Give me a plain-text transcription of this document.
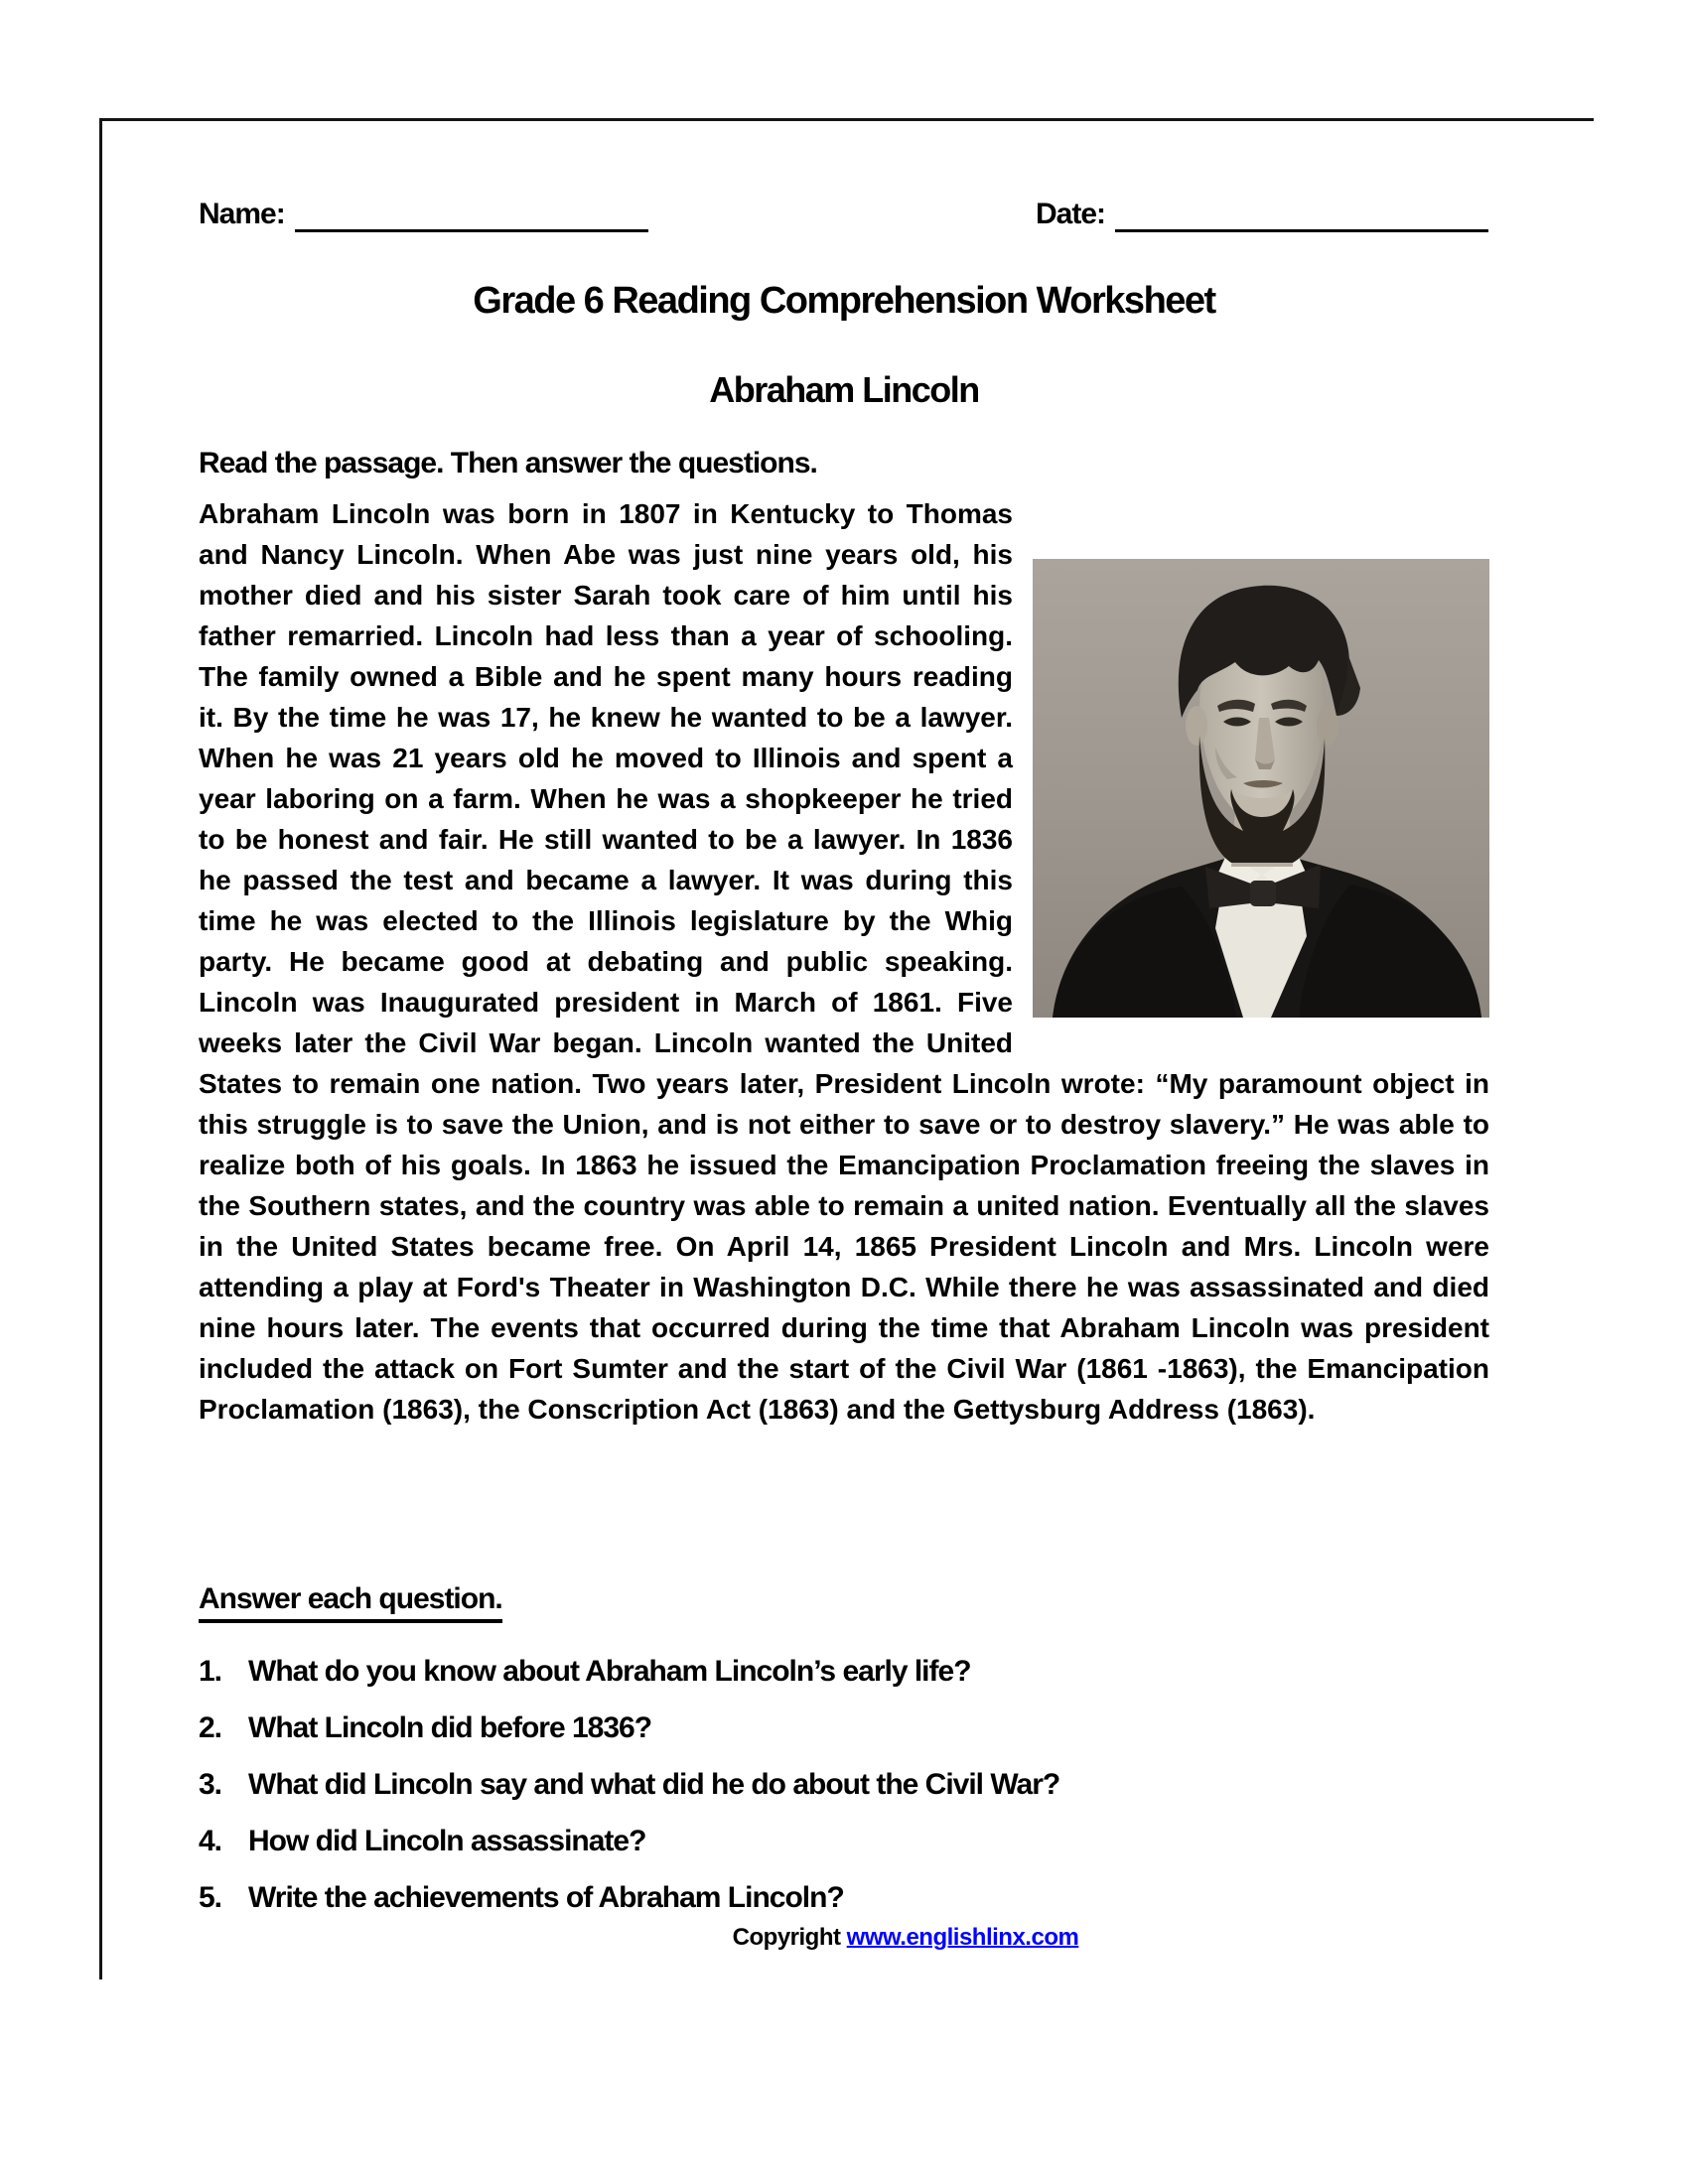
Name:	Date:
Grade 6 Reading Comprehension Worksheet
Abraham Lincoln
Read the passage. Then answer the questions.
Abraham Lincoln was born in 1807 in Kentucky to Thomas and Nancy Lincoln. When Abe was just nine years old, his mother died and his sister Sarah took care of him until his father remarried. Lincoln had less than a year of schooling. The family owned a Bible and he spent many hours reading it. By the time he was 17, he knew he wanted to be a lawyer. When he was 21 years old he moved to Illinois and spent a year laboring on a farm. When he was a shopkeeper he tried to be honest and fair. He still wanted to be a lawyer. In 1836 he passed the test and became a lawyer. It was during this time he was elected to the Illinois legislature by the Whig party. He became good at debating and public speaking. Lincoln was Inaugurated president in March of 1861. Five weeks later the Civil War began. Lincoln wanted the United States to remain one nation. Two years later, President Lincoln wrote: “My paramount object in this struggle is to save the Union, and is not either to save or to destroy slavery.” He was able to realize both of his goals. In 1863 he issued the Emancipation Proclamation freeing the slaves in the Southern states, and the country was able to remain a united nation. Eventually all the slaves in the United States became free. On April 14, 1865 President Lincoln and Mrs. Lincoln were attending a play at Ford's Theater in Washington D.C. While there he was assassinated and died nine hours later. The events that occurred during the time that Abraham Lincoln was president included the attack on Fort Sumter and the start of the Civil War (1861 -1863), the Emancipation Proclamation (1863), the Conscription Act (1863) and the Gettysburg Address (1863).
Answer each question.
1. What do you know about Abraham Lincoln’s early life?
2. What Lincoln did before 1836?
3. What did Lincoln say and what did he do about the Civil War?
4. How did Lincoln assassinate?
5. Write the achievements of Abraham Lincoln?
Copyright www.englishlinx.com
